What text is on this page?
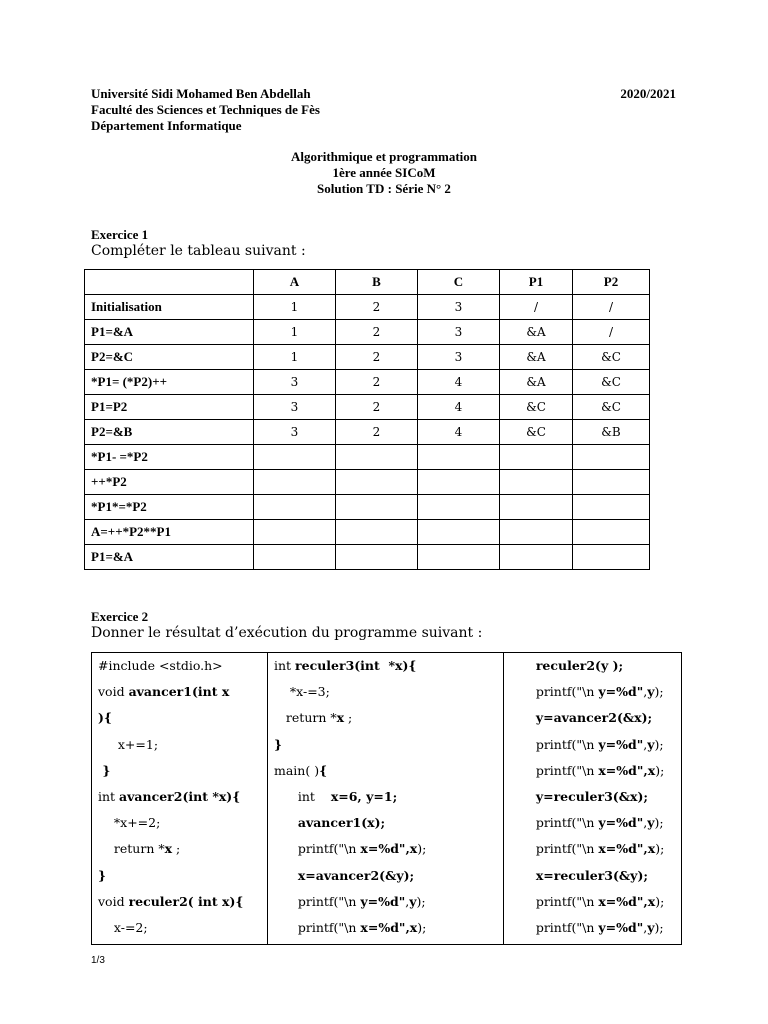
Université Sidi Mohamed Ben Abdellah
Faculté des Sciences et Techniques de Fès
Département Informatique
2020/2021
Algorithmique et programmation
1ère année SICoM
Solution TD : Série N° 2
Exercice 1
Compléter le tableau suivant :
	A	B	C	P1	P2
Initialisation	1	2	3	/	/
P1=&A	1	2	3	&A	/
P2=&C	1	2	3	&A	&C
*P1= (*P2)++	3	2	4	&A	&C
P1=P2	3	2	4	&C	&C
P2=&B	3	2	4	&C	&B
*P1- =*P2					
++*P2					
*P1*=*P2					
A=++*P2**P1					
P1=&A					
Exercice 2
Donner le résultat d’exécution du programme suivant :
#include <stdio.h>
void avancer1(int x
){
x+=1;
}
int avancer2(int *x){
*x+=2;
return *x ;
}
void reculer2( int x){
x-=2;

int reculer3(int  *x){
*x-=3;
return *x ;
}
main( ){
int    x=6, y=1;
avancer1(x);
printf("\n x=%d",x);
x=avancer2(&y);
printf("\n y=%d",y);
printf("\n x=%d",x);

reculer2(y );
printf("\n y=%d",y);
y=avancer2(&x);
printf("\n y=%d",y);
printf("\n x=%d",x);
y=reculer3(&x);
printf("\n y=%d",y);
printf("\n x=%d",x);
x=reculer3(&y);
printf("\n x=%d",x);
printf("\n y=%d",y);
1/3
